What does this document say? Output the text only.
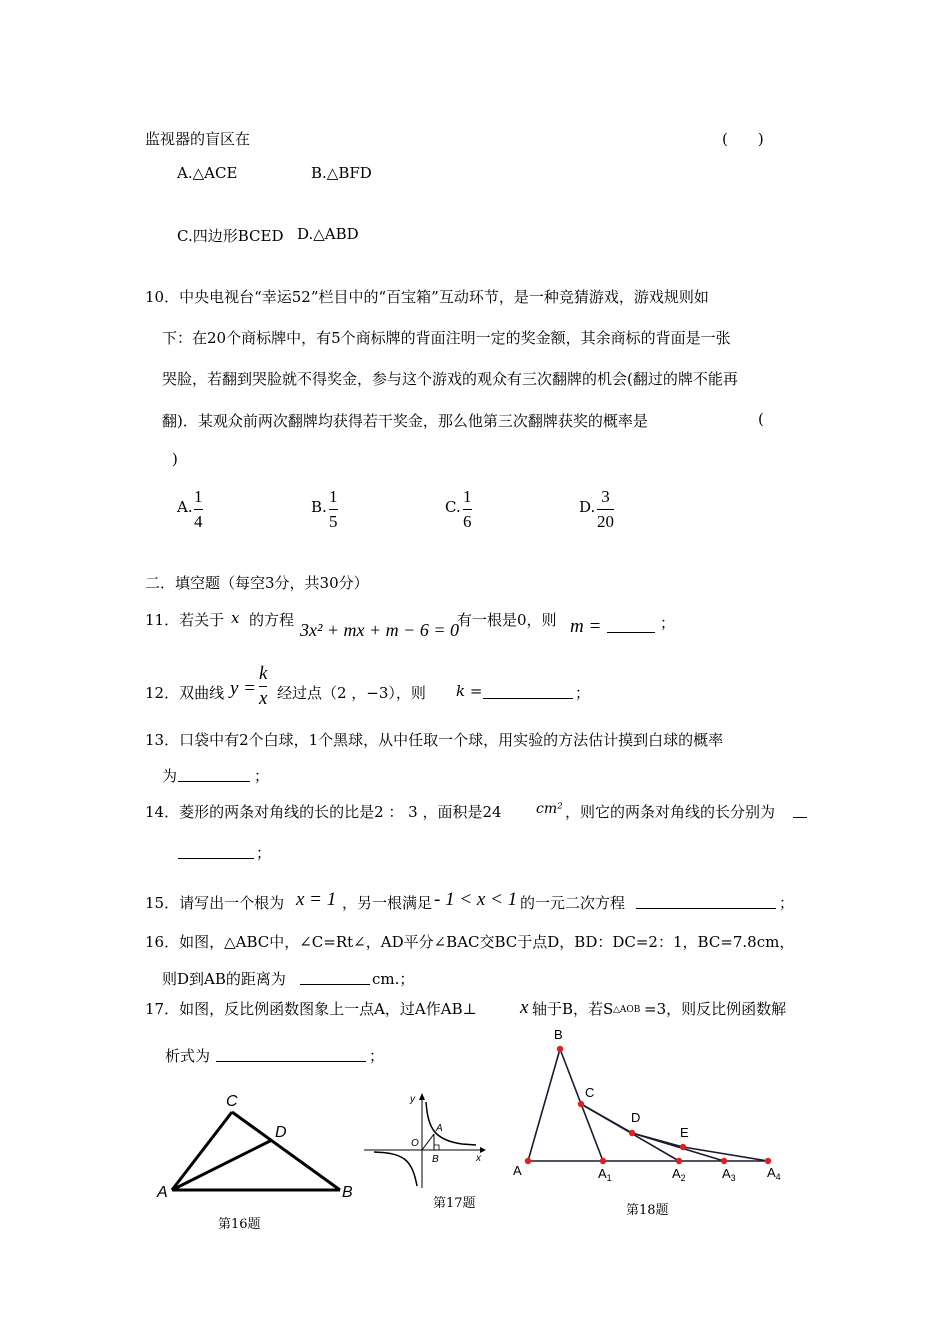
监视器的盲区在	(　　)
A.△ACE	B.△BFD
C.四边形BCED D.△ABD
10．中央电视台“幸运52”栏目中的“百宝箱”互动环节，是一种竞猜游戏，游戏规则如
下：在20个商标牌中，有5个商标牌的背面注明一定的奖金额，其余商标的背面是一张
哭脸，若翻到哭脸就不得奖金，参与这个游戏的观众有三次翻牌的机会(翻过的牌不能再
翻)．某观众前两次翻牌均获得若干奖金，那么他第三次翻牌获奖的概率是	(
)
A.
1
4
B.
1
5
C.
1
6
D.
3
20
二．填空题（每空3分，共30分）
11．若关于 x 的方程 3x² + mx + m − 6 = 0
有一根是0，则 m =	；
12．双曲线 y =
k
x 经过点（2 ，−3），则 k =	；
13．口袋中有2个白球，1个黑球，从中任取一个球，用实验的方法估计摸到白球的概率
为	；
14．菱形的两条对角线的长的比是2 ： 3 ，面积是24 cm² ，则它的两条对角线的长分别为
；
15．请写出一个根为 x = 1 ，另一根满足 - 1 < x < 1 的一元二次方程	；
16．如图，△ABC中，∠C=Rt∠，AD平分∠BAC交BC于点D，BD：DC=2：1，BC=7.8cm，
则D到AB的距离为	cm.；
17．如图，反比例函数图象上一点A，过A作AB⊥ x 轴于B，若S △AOB =3，则反比例函数解
析式为	；
A	B
C
D
第16题
y
x
O
A
B
第17题
A
B
C
D
E
$A_1$	$A_2$	$A_3$ $A_4$
第18题
